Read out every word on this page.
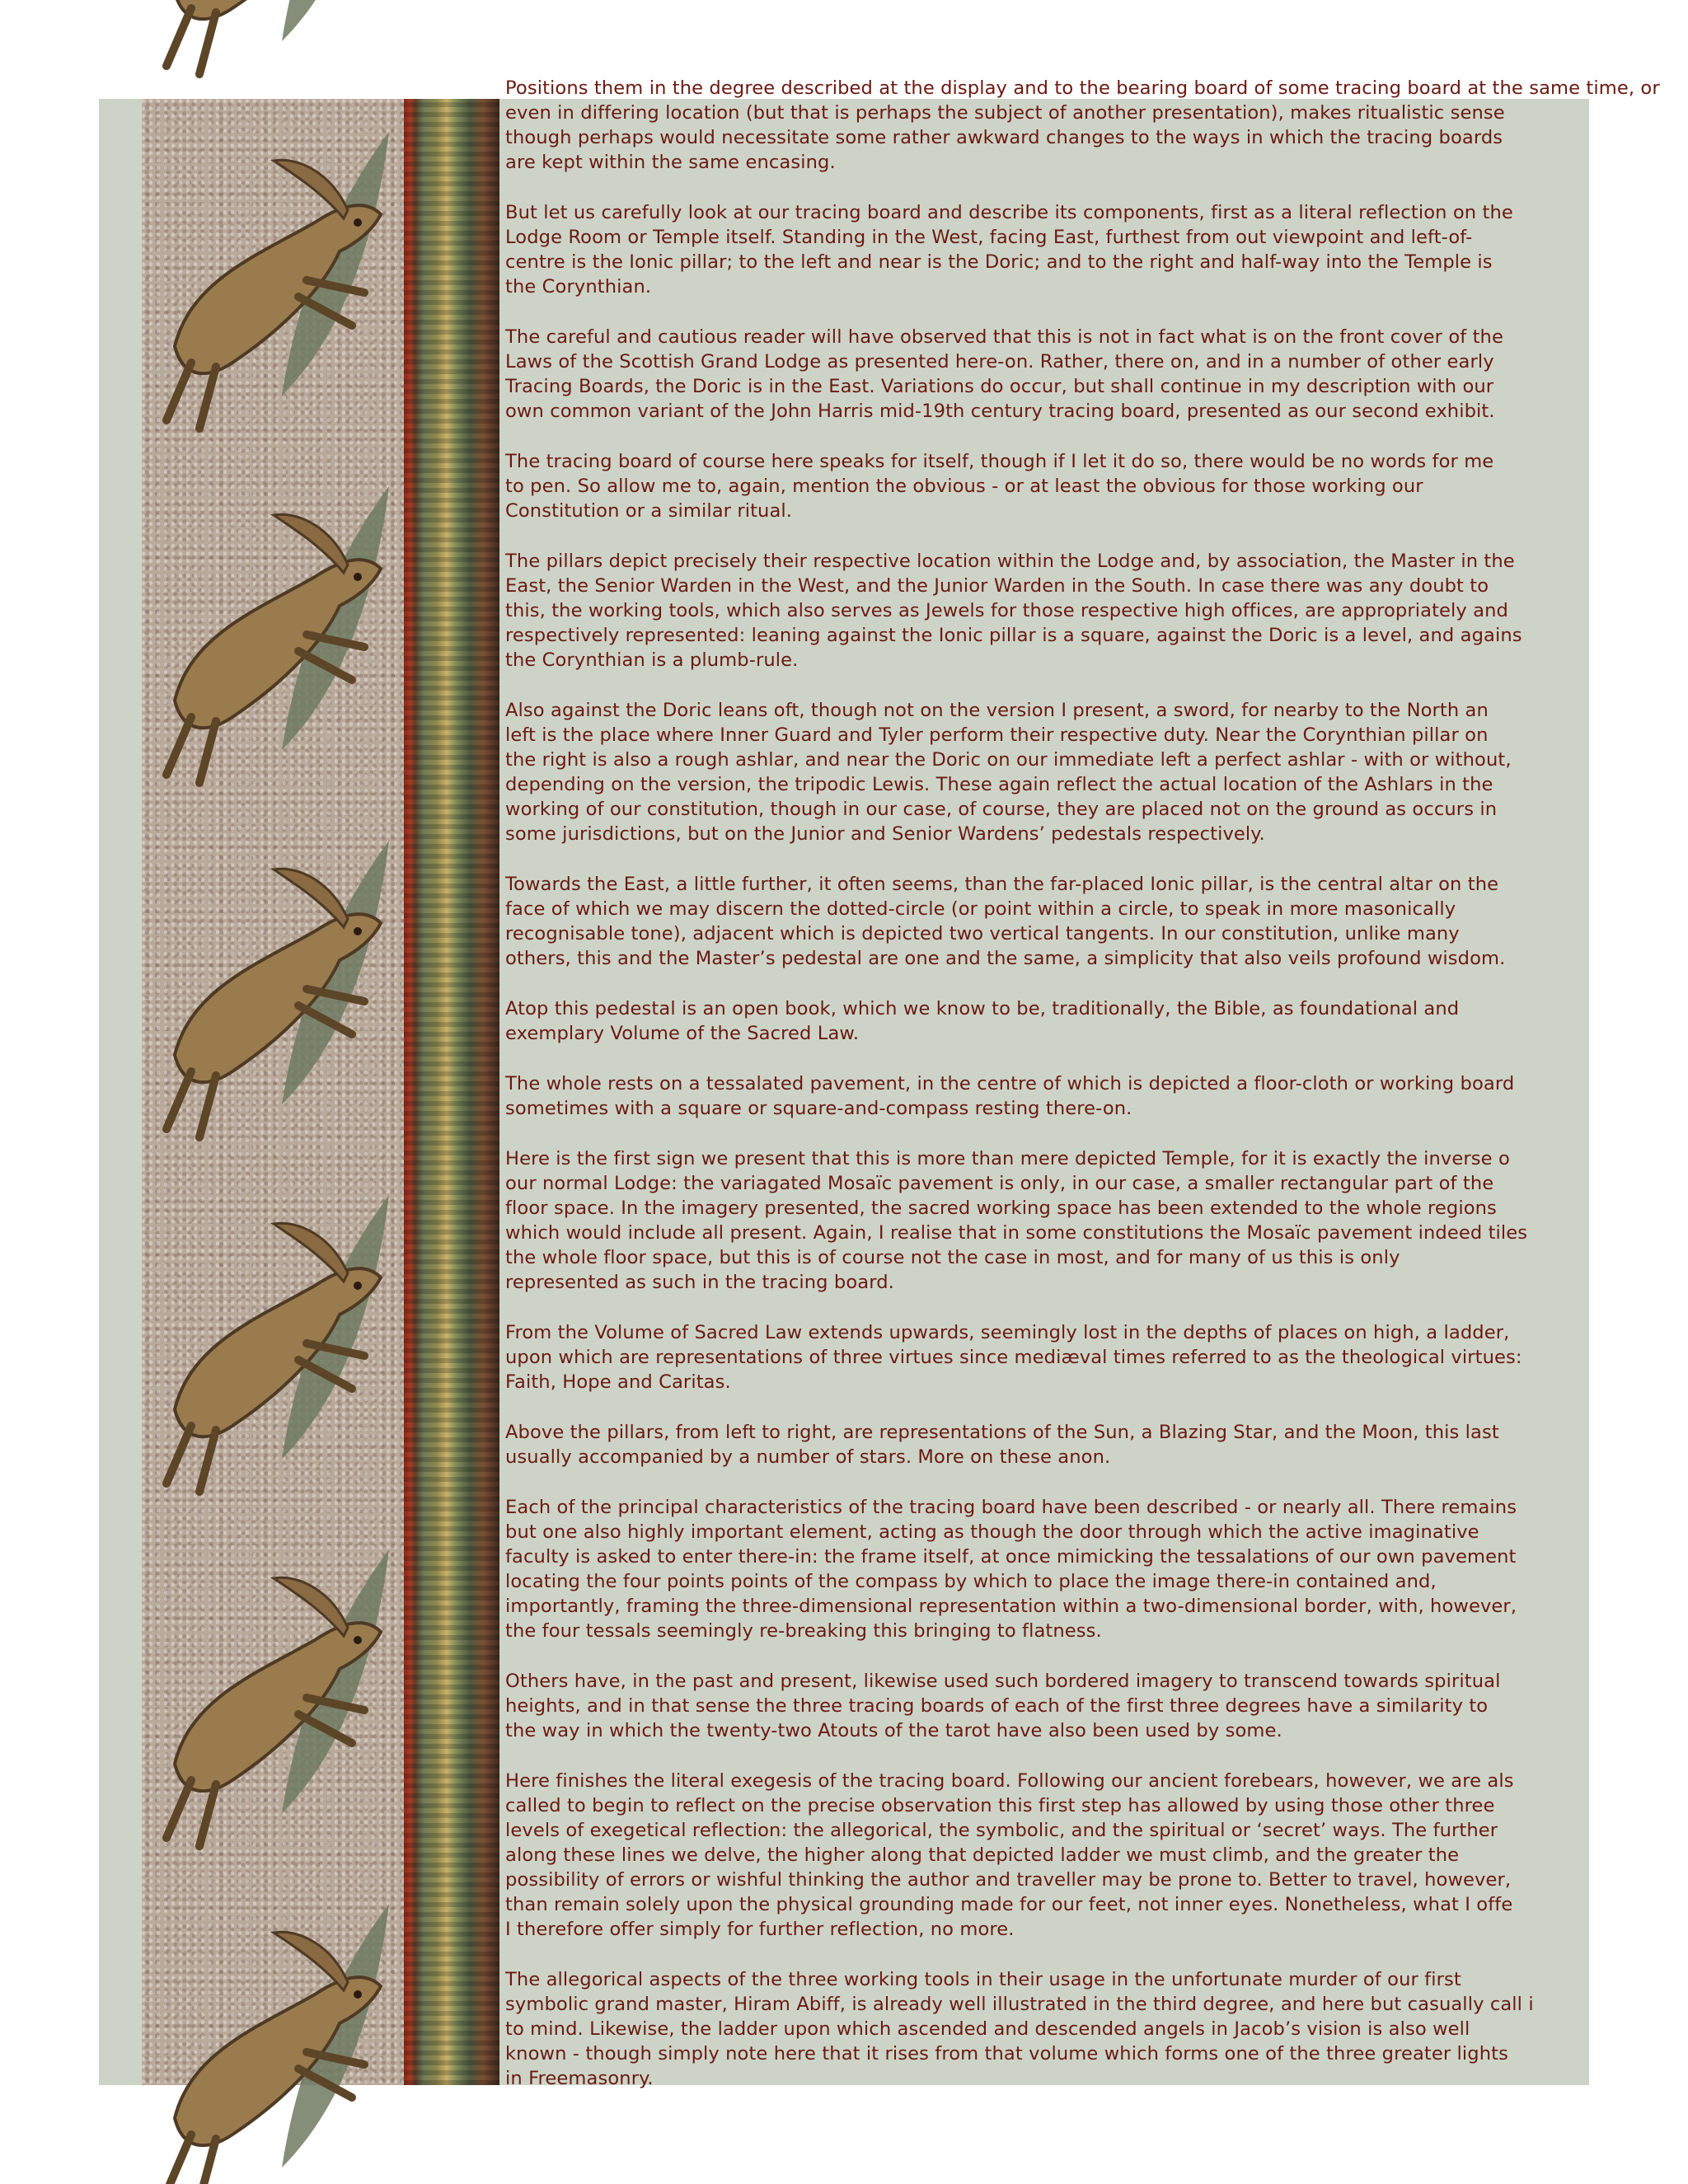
Positions them in the degree described at the display and to the bearing board of some tracing board at the same time, or
even in differing location (but that is perhaps the subject of another presentation), makes ritualistic sense
though perhaps would necessitate some rather awkward changes to the ways in which the tracing boards
are kept within the same encasing.

But let us carefully look at our tracing board and describe its components, first as a literal reflection on the
Lodge Room or Temple itself. Standing in the West, facing East, furthest from out viewpoint and left-of-
centre is the Ionic pillar; to the left and near is the Doric; and to the right and half-way into the Temple is
the Corynthian.

The careful and cautious reader will have observed that this is not in fact what is on the front cover of the
Laws of the Scottish Grand Lodge as presented here-on. Rather, there on, and in a number of other early
Tracing Boards, the Doric is in the East. Variations do occur, but shall continue in my description with our
own common variant of the John Harris mid-19th century tracing board, presented as our second exhibit.

The tracing board of course here speaks for itself, though if I let it do so, there would be no words for me
to pen. So allow me to, again, mention the obvious - or at least the obvious for those working our
Constitution or a similar ritual.

The pillars depict precisely their respective location within the Lodge and, by association, the Master in the
East, the Senior Warden in the West, and the Junior Warden in the South. In case there was any doubt to
this, the working tools, which also serves as Jewels for those respective high offices, are appropriately and
respectively represented: leaning against the Ionic pillar is a square, against the Doric is a level, and agains
the Corynthian is a plumb-rule.

Also against the Doric leans oft, though not on the version I present, a sword, for nearby to the North an
left is the place where Inner Guard and Tyler perform their respective duty. Near the Corynthian pillar on
the right is also a rough ashlar, and near the Doric on our immediate left a perfect ashlar - with or without,
depending on the version, the tripodic Lewis. These again reflect the actual location of the Ashlars in the
working of our constitution, though in our case, of course, they are placed not on the ground as occurs in
some jurisdictions, but on the Junior and Senior Wardens’ pedestals respectively.

Towards the East, a little further, it often seems, than the far-placed Ionic pillar, is the central altar on the
face of which we may discern the dotted-circle (or point within a circle, to speak in more masonically
recognisable tone), adjacent which is depicted two vertical tangents. In our constitution, unlike many
others, this and the Master’s pedestal are one and the same, a simplicity that also veils profound wisdom.

Atop this pedestal is an open book, which we know to be, traditionally, the Bible, as foundational and
exemplary Volume of the Sacred Law.

The whole rests on a tessalated pavement, in the centre of which is depicted a floor-cloth or working board
sometimes with a square or square-and-compass resting there-on.

Here is the first sign we present that this is more than mere depicted Temple, for it is exactly the inverse o
our normal Lodge: the variagated Mosaïc pavement is only, in our case, a smaller rectangular part of the
floor space. In the imagery presented, the sacred working space has been extended to the whole regions
which would include all present. Again, I realise that in some constitutions the Mosaïc pavement indeed tiles
the whole floor space, but this is of course not the case in most, and for many of us this is only
represented as such in the tracing board.

From the Volume of Sacred Law extends upwards, seemingly lost in the depths of places on high, a ladder,
upon which are representations of three virtues since mediæval times referred to as the theological virtues:
Faith, Hope and Caritas.

Above the pillars, from left to right, are representations of the Sun, a Blazing Star, and the Moon, this last
usually accompanied by a number of stars. More on these anon.

Each of the principal characteristics of the tracing board have been described - or nearly all. There remains
but one also highly important element, acting as though the door through which the active imaginative
faculty is asked to enter there-in: the frame itself, at once mimicking the tessalations of our own pavement
locating the four points points of the compass by which to place the image there-in contained and,
importantly, framing the three-dimensional representation within a two-dimensional border, with, however,
the four tessals seemingly re-breaking this bringing to flatness.

Others have, in the past and present, likewise used such bordered imagery to transcend towards spiritual
heights, and in that sense the three tracing boards of each of the first three degrees have a similarity to
the way in which the twenty-two Atouts of the tarot have also been used by some.

Here finishes the literal exegesis of the tracing board. Following our ancient forebears, however, we are als
called to begin to reflect on the precise observation this first step has allowed by using those other three
levels of exegetical reflection: the allegorical, the symbolic, and the spiritual or ‘secret’ ways. The further
along these lines we delve, the higher along that depicted ladder we must climb, and the greater the
possibility of errors or wishful thinking the author and traveller may be prone to. Better to travel, however,
than remain solely upon the physical grounding made for our feet, not inner eyes. Nonetheless, what I offe
I therefore offer simply for further reflection, no more.

The allegorical aspects of the three working tools in their usage in the unfortunate murder of our first
symbolic grand master, Hiram Abiff, is already well illustrated in the third degree, and here but casually call i
to mind. Likewise, the ladder upon which ascended and descended angels in Jacob’s vision is also well
known - though simply note here that it rises from that volume which forms one of the three greater lights
in Freemasonry.
